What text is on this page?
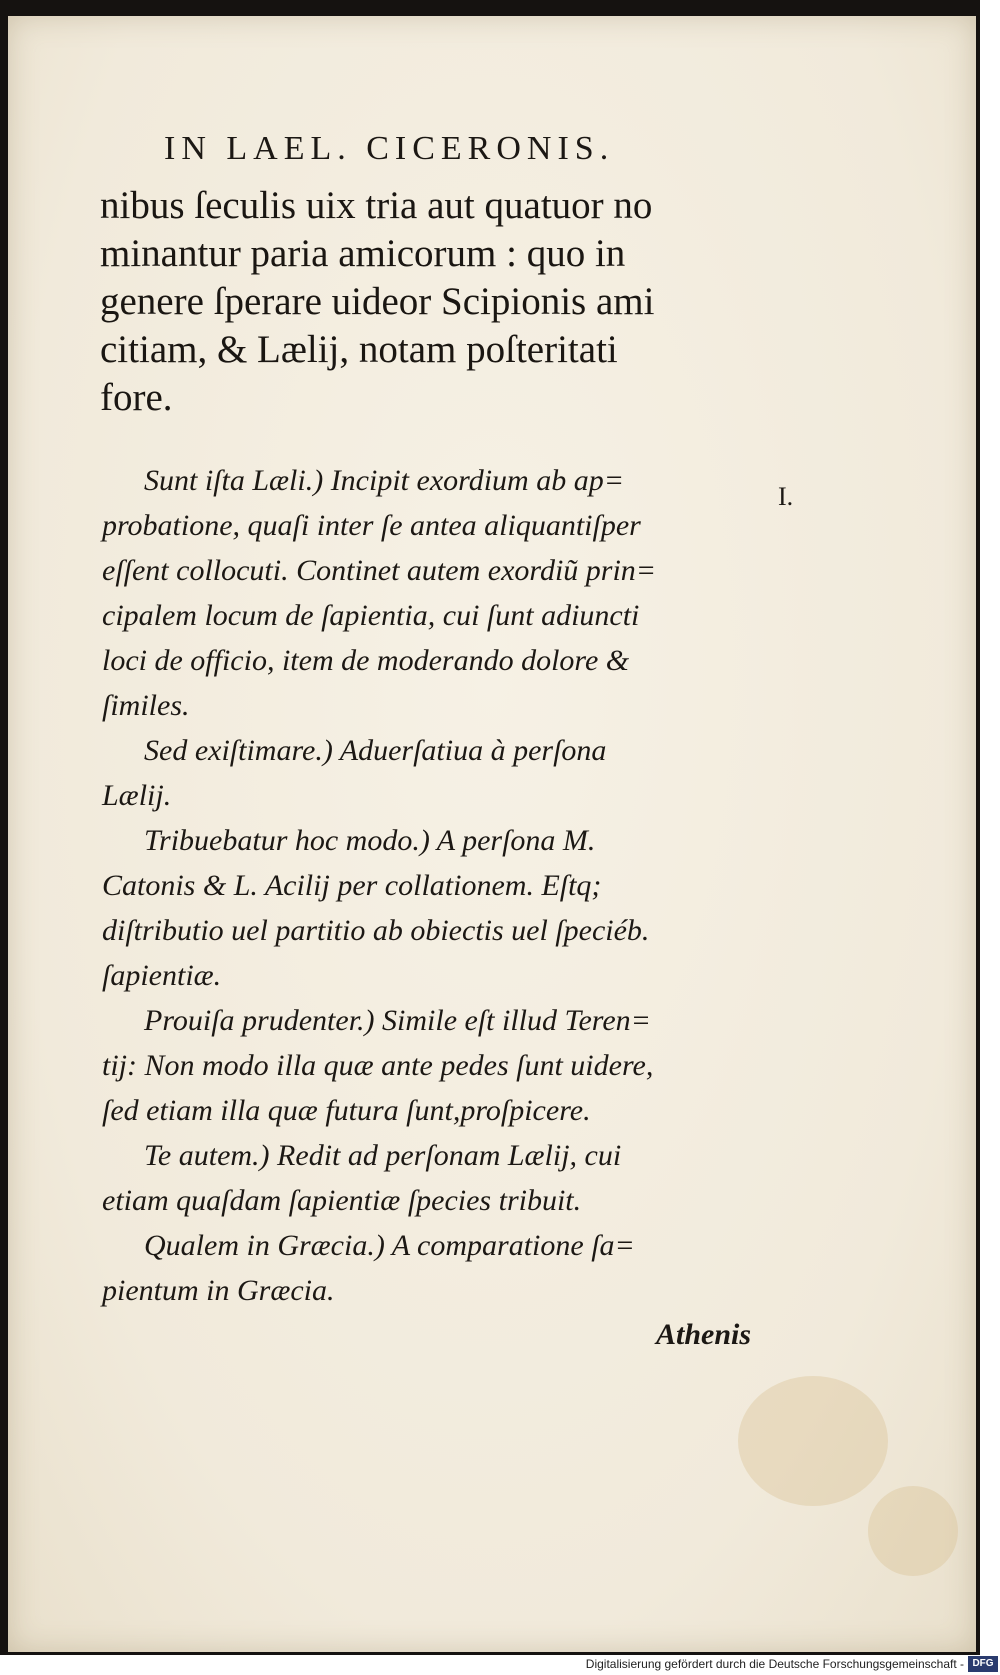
IN LAEL. CICERONIS.
nibus ſeculis uix tria aut quatuor no
minantur paria amicorum : quo in
genere ſperare uideor Scipionis ami
citiam, & Lælij, notam poſteritati
fore.
I.
Sunt iſta Læli.) Incipit exordium ab ap=
probatione, quaſi inter ſe antea aliquantiſper
eſſent collocuti. Continet autem exordiũ prin=
cipalem locum de ſapientia, cui ſunt adiuncti
loci de officio, item de moderando dolore &
ſimiles.
Sed exiſtimare.) Aduerſatiua à perſona
Lælij.
Tribuebatur hoc modo.) A perſona M.
Catonis & L. Acilij per collationem. Eſtq;
diſtributio uel partitio ab obiectis uel ſpeciéb.
ſapientiæ.
Prouiſa prudenter.) Simile eſt illud Teren=
tij: Non modo illa quæ ante pedes ſunt uidere,
ſed etiam illa quæ futura ſunt,proſpicere.
Te autem.) Redit ad perſonam Lælij, cui
etiam quaſdam ſapientiæ ſpecies tribuit.
Qualem in Græcia.) A comparatione ſa=
pientum in Græcia.
Athenis
Digitalisierung gefördert durch die Deutsche Forschungsgemeinschaft - DFG
